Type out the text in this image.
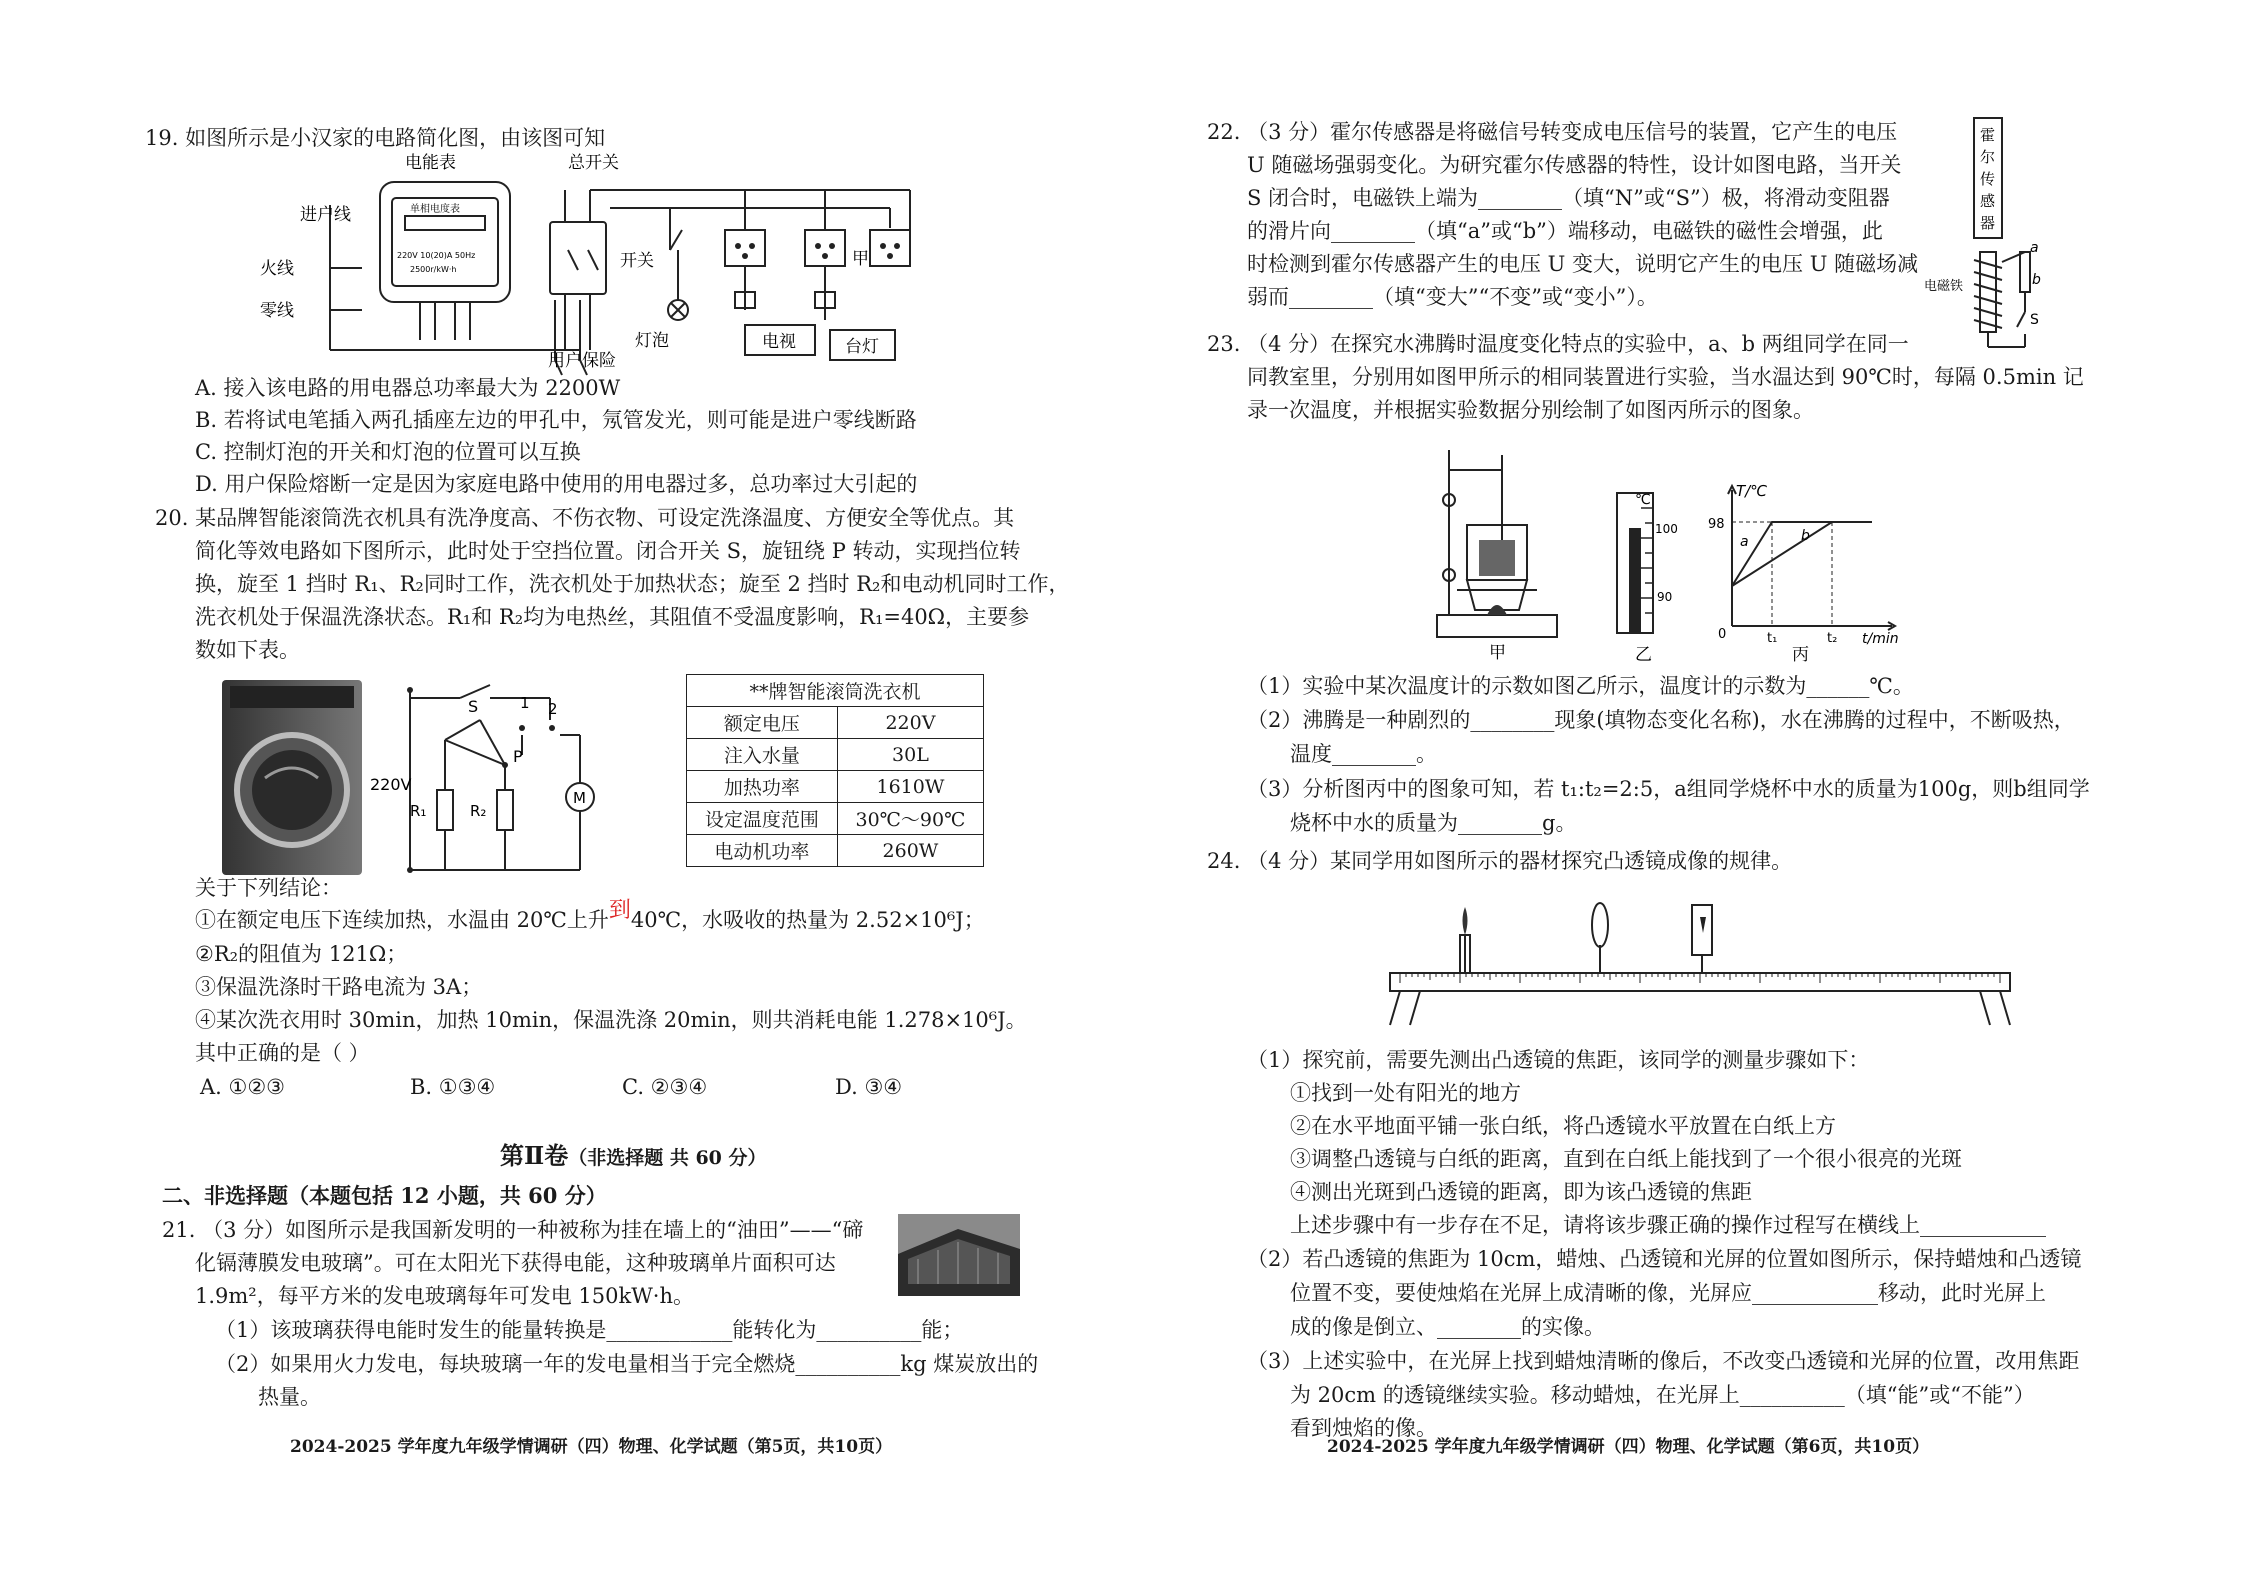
19. 如图所示是小汉家的电路简化图，由该图可知
电能表	总开关
进户线
火线
零线
单相电度表
220V 10(20)A 50Hz
2500r/kW·h	开关
灯泡	电视	台灯
甲
用户保险
A. 接入该电路的用电器总功率最大为 2200W
B. 若将试电笔插入两孔插座左边的甲孔中，氖管发光，则可能是进户零线断路
C. 控制灯泡的开关和灯泡的位置可以互换
D. 用户保险熔断一定是因为家庭电路中使用的用电器过多，总功率过大引起的
20. 某品牌智能滚筒洗衣机具有洗净度高、不伤衣物、可设定洗涤温度、方便安全等优点。其
简化等效电路如下图所示，此时处于空挡位置。闭合开关 S，旋钮绕 P 转动，实现挡位转
换，旋至 1 挡时 R₁、R₂同时工作，洗衣机处于加热状态；旋至 2 挡时 R₂和电动机同时工作，
洗衣机处于保温洗涤状态。R₁和 R₂均为电热丝，其阻值不受温度影响，R₁=40Ω，主要参
数如下表。
220V
S	1 2
P
R₁	R₂
M
**牌智能滚筒洗衣机	
额定电压	220V
注入水量	30L
加热功率	1610W
设定温度范围	30℃～90℃
电动机功率	260W
关于下列结论：
①在额定电压下连续加热，水温由 20℃上升到40℃，水吸收的热量为 2.52×10⁶J；
②R₂的阻值为 121Ω；
③保温洗涤时干路电流为 3A；
④某次洗衣用时 30min，加热 10min，保温洗涤 20min，则共消耗电能 1.278×10⁶J。
其中正确的是（ ）
A. ①②③	B. ①③④	C. ②③④	D. ③④
第Ⅱ卷（非选择题 共 60 分）
二、非选择题（本题包括 12 小题，共 60 分）
21. （3 分）如图所示是我国新发明的一种被称为挂在墙上的“油田”——“碲
化镉薄膜发电玻璃”。可在太阳光下获得电能，这种玻璃单片面积可达
1.9m²，每平方米的发电玻璃每年可发电 150kW·h。
（1）该玻璃获得电能时发生的能量转换是____________能转化为__________能；
（2）如果用火力发电，每块玻璃一年的发电量相当于完全燃烧__________kg 煤炭放出的
热量。
2024-2025 学年度九年级学情调研（四）物理、化学试题（第5页，共10页）
22. （3 分）霍尔传感器是将磁信号转变成电压信号的装置，它产生的电压
U 随磁场强弱变化。为研究霍尔传感器的特性，设计如图电路，当开关
S 闭合时，电磁铁上端为________（填“N”或“S”）极，将滑动变阻器
的滑片向________（填“a”或“b”）端移动，电磁铁的磁性会增强，此
时检测到霍尔传感器产生的电压 U 变大，说明它产生的电压 U 随磁场减
弱而________（填“变大”“不变”或“变小”）。
霍
尔
传
感
器
a
b
S
电磁铁
23. （4 分）在探究水沸腾时温度变化特点的实验中，a、b 两组同学在同一
同教室里，分别用如图甲所示的相同装置进行实验，当水温达到 90℃时，每隔 0.5min 记
录一次温度，并根据实验数据分别绘制了如图丙所示的图象。
甲
℃
100
90
乙
a
t₁
b
t₂
T/℃
t/min
98
0
丙
（1）实验中某次温度计的示数如图乙所示，温度计的示数为______℃。
（2）沸腾是一种剧烈的________现象(填物态变化名称)，水在沸腾的过程中，不断吸热，
温度________。
（3）分析图丙中的图象可知，若 t₁:t₂=2:5，a组同学烧杯中水的质量为100g，则b组同学
烧杯中水的质量为________g。
24. （4 分）某同学用如图所示的器材探究凸透镜成像的规律。
（1）探究前，需要先测出凸透镜的焦距，该同学的测量步骤如下：
①找到一处有阳光的地方
②在水平地面平铺一张白纸，将凸透镜水平放置在白纸上方
③调整凸透镜与白纸的距离，直到在白纸上能找到了一个很小很亮的光斑
④测出光斑到凸透镜的距离，即为该凸透镜的焦距
上述步骤中有一步存在不足，请将该步骤正确的操作过程写在横线上____________
（2）若凸透镜的焦距为 10cm，蜡烛、凸透镜和光屏的位置如图所示，保持蜡烛和凸透镜
位置不变，要使烛焰在光屏上成清晰的像，光屏应____________移动，此时光屏上
成的像是倒立、________的实像。
（3）上述实验中，在光屏上找到蜡烛清晰的像后，不改变凸透镜和光屏的位置，改用焦距
为 20cm 的透镜继续实验。移动蜡烛，在光屏上__________（填“能”或“不能”）
看到烛焰的像。
2024-2025 学年度九年级学情调研（四）物理、化学试题（第6页，共10页）
